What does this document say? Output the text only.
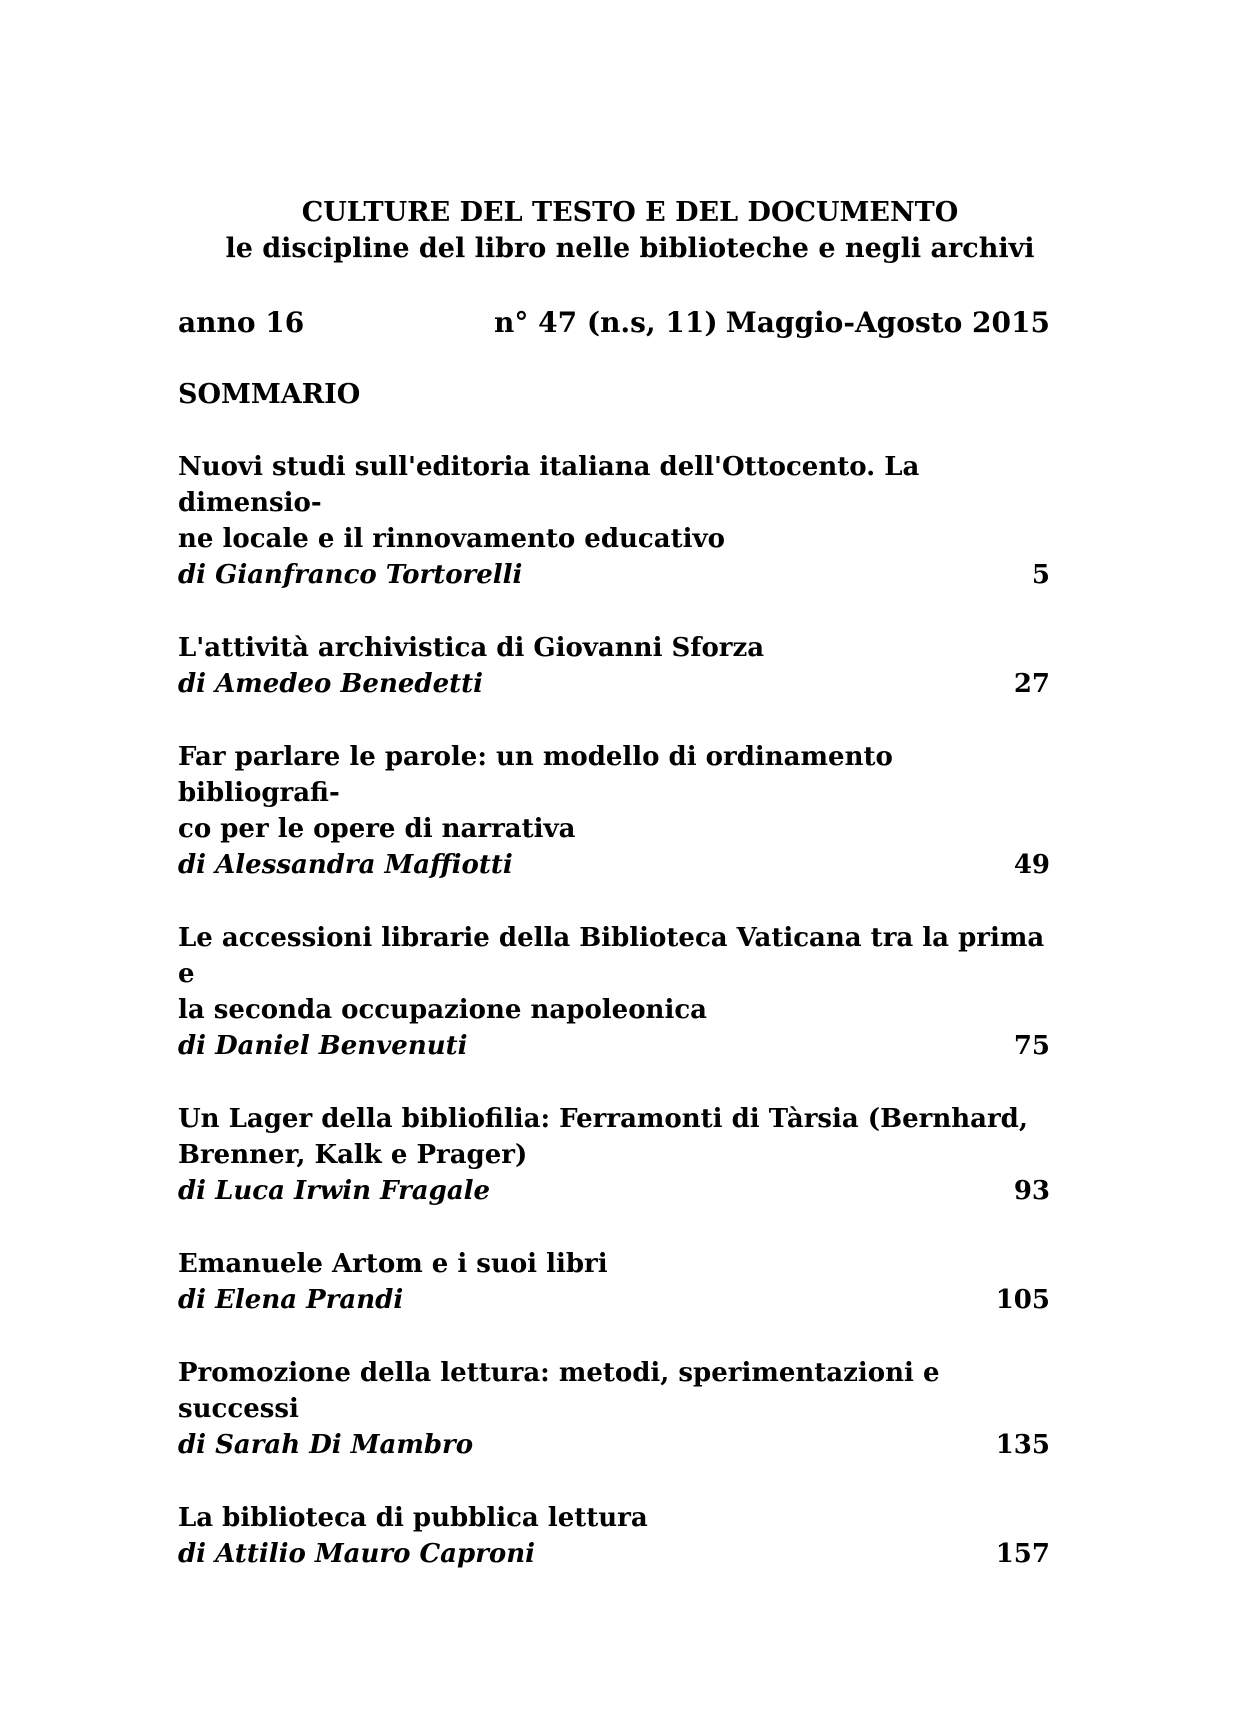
CULTURE DEL TESTO E DEL DOCUMENTO
le discipline del libro nelle biblioteche e negli archivi
anno 16	n° 47 (n.s, 11) Maggio-Agosto 2015
SOMMARIO
Nuovi studi sull'editoria italiana dell'Ottocento. La dimensio-
ne locale e il rinnovamento educativo
di Gianfranco Tortorelli	5
L'attività archivistica di Giovanni Sforza
di Amedeo Benedetti	27
Far parlare le parole: un modello di ordinamento bibliografi-
co per le opere di narrativa
di Alessandra Maffiotti	49
Le accessioni librarie della Biblioteca Vaticana tra la prima e
la seconda occupazione napoleonica
di Daniel Benvenuti	75
Un Lager della bibliofilia: Ferramonti di Tàrsia (Bernhard,
Brenner, Kalk e Prager)
di Luca Irwin Fragale	93
Emanuele Artom e i suoi libri
di Elena Prandi	105
Promozione della lettura: metodi, sperimentazioni e successi
di Sarah Di Mambro	135
La biblioteca di pubblica lettura
di Attilio Mauro Caproni	157
